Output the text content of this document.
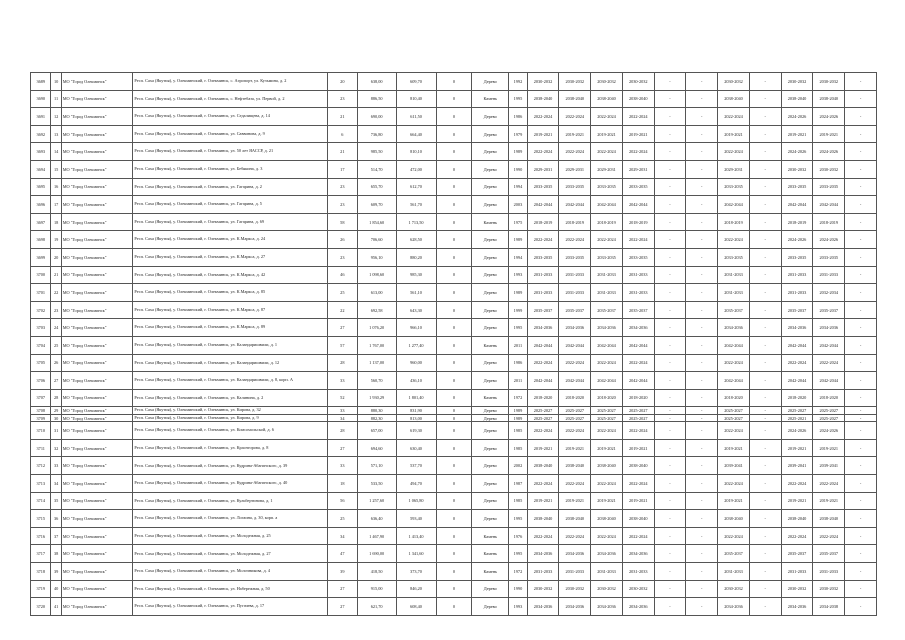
3689	10	МО "Город Олекминск"	Респ. Саха (Якутия), у. Олекминский, г. Олекминск, с. Аэропорт, ул. Кузьмина, д. 2	20	638,00	609,70	0	Дерево	1992	2030-2032	2030-2032	2030-2032	2030-2032	-	-	2030-2032	-	2030-2032	2030-2032	-
3690	11	МО "Город Олекминск"	Респ. Саха (Якутия), у. Олекминский, г. Олекминск, с. Нефтебаза, ул. Первой, д. 2	23	886,50	810,40	0	Камень	1995	2038-2040	2038-2040	2038-2040	2038-2040	-	-	2038-2040	-	2038-2040	2038-2040	-
3691	12	МО "Город Олекминск"	Респ. Саха (Якутия), у. Олекминский, г. Олекминск, ул. Седалищева, д. 14	21	690,00	611,50	0	Дерево	1986	2022-2024	2022-2024	2022-2024	2022-2024	-	-	2022-2024	-	2024-2026	2024-2026	-
3692	13	МО "Город Олекминск"	Респ. Саха (Якутия), у. Олекминский, г. Олекминск, ул. Саввинова, д. 9	6	736,80	664,40	0	Дерево	1979	2019-2021	2019-2021	2019-2021	2019-2021	-	-	2019-2021	-	2019-2021	2019-2021	-
3693	14	МО "Город Олекминск"	Респ. Саха (Якутия), у. Олекминский, г. Олекминск, ул. 50 лет ЯАССР, д. 21	21	985,50	810,10	0	Дерево	1989	2022-2024	2022-2024	2022-2024	2022-2024	-	-	2022-2024	-	2024-2026	2024-2026	-
3694	15	МО "Город Олекминск"	Респ. Саха (Якутия), у. Олекминский, г. Олекминск, ул. Бебякина, д. 3	17	514,70	472,00	0	Дерево	1990	2029-2031	2029-2031	2029-2031	2029-2031	-	-	2029-2031	-	2030-2032	2030-2032	-
3695	16	МО "Город Олекминск"	Респ. Саха (Якутия), у. Олекминский, г. Олекминск, ул. Гагарина, д. 2	23	655,70	612,70	0	Дерево	1994	2033-2035	2033-2035	2033-2035	2033-2035	-	-	2033-2035	-	2033-2035	2033-2035	-
3696	17	МО "Город Олекминск"	Респ. Саха (Якутия), у. Олекминский, г. Олекминск, ул. Гагарина, д. 5	23	609,70	561,70	0	Дерево	2003	2042-2044	2042-2044	2042-2044	2042-2044	-	-	2042-2044	-	2042-2044	2042-2044	-
3697	18	МО "Город Олекминск"	Респ. Саха (Якутия), у. Олекминский, г. Олекминск, ул. Гагарина, д. 69	58	1 854,60	1 713,50	0	Камень	1975	2018-2019	2018-2019	2018-2019	2018-2019	-	-	2018-2019	-	2018-2019	2018-2019	-
3698	19	МО "Город Олекминск"	Респ. Саха (Якутия), у. Олекминский, г. Олекминск, ул. К.Маркса, д. 24	26	706,60	628,50	0	Дерево	1989	2022-2024	2022-2024	2022-2024	2022-2024	-	-	2022-2024	-	2024-2026	2024-2026	-
3699	20	МО "Город Олекминск"	Респ. Саха (Якутия), у. Олекминский, г. Олекминск, ул. К.Маркса, д. 27	23	956,10	880,20	0	Дерево	1994	2033-2035	2033-2035	2033-2035	2033-2035	-	-	2033-2035	-	2033-2035	2033-2035	-
3700	21	МО "Город Олекминск"	Респ. Саха (Якутия), у. Олекминский, г. Олекминск, ул. К.Маркса, д. 42	46	1 098,60	985,30	0	Дерево	1993	2031-2033	2031-2033	2031-2033	2031-2033	-	-	2031-2033	-	2031-2033	2031-2033	-
3701	22	МО "Город Олекминск"	Респ. Саха (Якутия), у. Олекминский, г. Олекминск, ул. К.Маркса, д. 85	25	613,00	561,10	0	Дерево	1989	2031-2033	2031-2033	2031-2033	2031-2033	-	-	2031-2033	-	2031-2033	2032-2034	-
3702	23	МО "Город Олекминск"	Респ. Саха (Якутия), у. Олекминский, г. Олекминск, ул. К.Маркса, д. 87	22	692,58	643,30	0	Дерево	1999	2035-2037	2035-2037	2035-2037	2035-2037	-	-	2035-2037	-	2035-2037	2035-2037	-
3703	24	МО "Город Олекминск"	Респ. Саха (Якутия), у. Олекминский, г. Олекминск, ул. К.Маркса, д. 89	27	1 076,20	966,10	0	Дерево	1995	2034-2036	2034-2036	2034-2036	2034-2036	-	-	2034-2036	-	2034-2036	2034-2036	-
3704	25	МО "Город Олекминск"	Респ. Саха (Якутия), у. Олекминский, г. Олекминск, ул. Каландаришвили, д. 1	57	1 767,00	1 277,40	0	Камень	2011	2042-2044	2042-2044	2042-2044	2042-2044	-	-	2042-2044	-	2042-2044	2042-2044	-
3705	26	МО "Город Олекминск"	Респ. Саха (Якутия), у. Олекминский, г. Олекминск, ул. Каландаришвили, д. 12	28	1 137,00	960,00	0	Дерево	1986	2022-2024	2022-2024	2022-2024	2022-2024	-	-	2022-2024	-	2022-2024	2022-2024	-
3706	27	МО "Город Олекминск"	Респ. Саха (Якутия), у. Олекминский, г. Олекминск, ул. Каландаришвили, д. 8, корп. А	33	560,70	436,10	0	Дерево	2011	2042-2044	2042-2044	2042-2044	2042-2044	-	-	2042-2044	-	2042-2044	2042-2044	-
3707	28	МО "Город Олекминск"	Респ. Саха (Якутия), у. Олекминский, г. Олекминск, ул. Калинина, д. 2	52	1 930,29	1 801,40	0	Камень	1972	2018-2020	2018-2020	2018-2020	2018-2020	-	-	2018-2020	-	2018-2020	2018-2020	-
3708	29	МО "Город Олекминск"	Респ. Саха (Якутия), у. Олекминский, г. Олекминск, ул. Кирова, д. 32	33	880,30	831,90	0	Дерево	1989	2025-2027	2025-2027	2025-2027	2025-2027	-	-	2025-2027	-	2025-2027	2025-2027	-
3709	30	МО "Город Олекминск"	Респ. Саха (Якутия), у. Олекминский, г. Олекминск, ул. Кирова, д. 9	34	882,30	813,00	0	Дерево	1989	2025-2027	2025-2027	2025-2027	2025-2027	-	-	2025-2027	-	2025-2021	2025-2027	-
3710	31	МО "Город Олекминск"	Респ. Саха (Якутия), у. Олекминский, г. Олекминск, ул. Комсомольской, д. 6	28	657,00	619,30	0	Дерево	1985	2022-2024	2022-2024	2022-2024	2022-2024	-	-	2022-2024	-	2024-2026	2024-2026	-
3711	32	МО "Город Олекминск"	Респ. Саха (Якутия), у. Олекминский, г. Олекминск, ул. Краснгорова, д. 8	27	694,60	630,40	0	Дерево	1985	2019-2021	2019-2021	2019-2021	2019-2021	-	-	2019-2021	-	2019-2021	2019-2021	-
3712	33	МО "Город Олекминск"	Респ. Саха (Якутия), у. Олекминский, г. Олекминск, ул. Кудрина-Абагинского, д. 39	33	571,10	537,70	0	Дерево	2002	2038-2040	2038-2040	2038-2040	2038-2040	-	-	2039-2041	-	2039-2041	2039-2041	-
3713	34	МО "Город Олекминск"	Респ. Саха (Якутия), у. Олекминский, г. Олекминск, ул. Кудрина-Абагинского, д. 40	18	533,50	494,70	0	Дерево	1987	2022-2024	2022-2024	2022-2024	2022-2024	-	-	2022-2024	-	2022-2024	2022-2024	-
3714	35	МО "Город Олекминск"	Респ. Саха (Якутия), у. Олекминский, г. Олекминск, ул. Кульбертинова, д. 1	56	1 257,60	1 065,80	0	Дерево	1985	2019-2021	2019-2021	2019-2021	2019-2021	-	-	2019-2021	-	2019-2021	2019-2021	-
3715	36	МО "Город Олекминск"	Респ. Саха (Якутия), у. Олекминский, г. Олекминск, ул. Логаина, д. 30, корп. а	25	636,40	593,40	0	Дерево	1995	2038-2040	2038-2040	2038-2040	2038-2040	-	-	2038-2040	-	2038-2040	2038-2040	-
3716	37	МО "Город Олекминск"	Респ. Саха (Якутия), у. Олекминский, г. Олекминск, ул. Молодежная, д. 25	34	1 467,90	1 413,40	0	Камень	1976	2022-2024	2022-2024	2022-2024	2022-2024	-	-	2022-2024	-	2022-2024	2022-2024	-
3717	38	МО "Город Олекминск"	Респ. Саха (Якутия), у. Олекминский, г. Олекминск, ул. Молодежная, д. 27	47	1 690,00	1 341,60	0	Камень	1995	2034-2036	2034-2036	2034-2036	2034-2036	-	-	2035-2037	-	2035-2037	2035-2037	-
3718	39	МО "Город Олекминск"	Респ. Саха (Якутия), у. Олекминский, г. Олекминск, ул. Молочникова, д. 4	39	418,50	373,70	0	Камень	1972	2031-2033	2031-2033	2031-2033	2031-2033	-	-	2031-2033	-	2031-2033	2031-2033	-
3719	40	МО "Город Олекминск"	Респ. Саха (Якутия), у. Олекминский, г. Олекминск, ул. Набережная, д. 50	27	915,00	846,20	0	Дерево	1990	2030-2032	2030-2032	2030-2032	2030-2032	-	-	2030-2032	-	2030-2032	2030-2032	-
3720	41	МО "Город Олекминск"	Респ. Саха (Якутия), у. Олекминский, г. Олекминск, ул. Пугачева, д. 17	27	621,70	608,40	0	Дерево	1993	2034-2036	2034-2036	2034-2036	2034-2036	-	-	2034-2036	-	2034-2036	2034-2038	-
